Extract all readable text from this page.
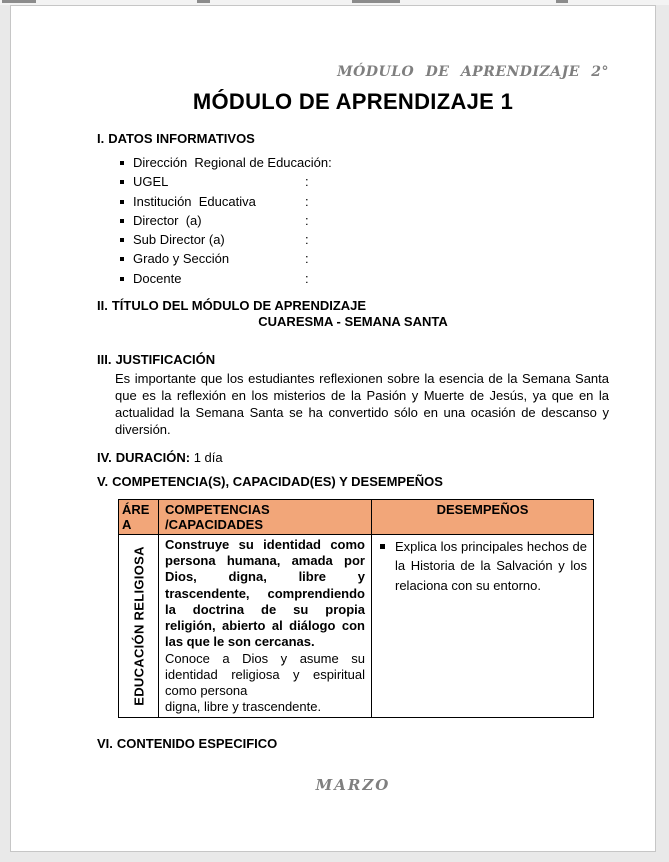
MÓDULO DE APRENDIZAJE 2°
MÓDULO DE APRENDIZAJE 1
I. DATOS INFORMATIVOS
Dirección  Regional de Educación:
UGEL	:
Institución  Educativa	:
Director  (a)	:
Sub Director (a)	:
Grado y Sección	:
Docente	:
II. TÍTULO DEL MÓDULO DE APRENDIZAJE
CUARESMA - SEMANA SANTA
III. JUSTIFICACIÓN

Es importante que los estudiantes reflexionen sobre la esencia de la Semana Santa que es la reflexión en los misterios de la Pasión y Muerte de Jesús, ya que en la actualidad la Semana Santa se ha convertido sólo en una ocasión de descanso y diversión.

IV. DURACIÓN: 1 día
V. COMPETENCIA(S), CAPACIDAD(ES) Y DESEMPEÑOS
ÁREA	COMPETENCIAS /CAPACIDADES	DESEMPEÑOS

EDUCACIÓN RELIGIOSA	Construye su identidad como persona humana, amada por Dios, digna, libre y trascendente, comprendiendo la doctrina de su propia religión, abierto al diálogo con las que le son cercanas.
Conoce a Dios y asume su identidad religiosa y espiritual como persona
digna, libre y trascendente.	Explica los principales hechos de la Historia de la Salvación y los relaciona con su entorno.
VI. CONTENIDO ESPECIFICO
MARZO
